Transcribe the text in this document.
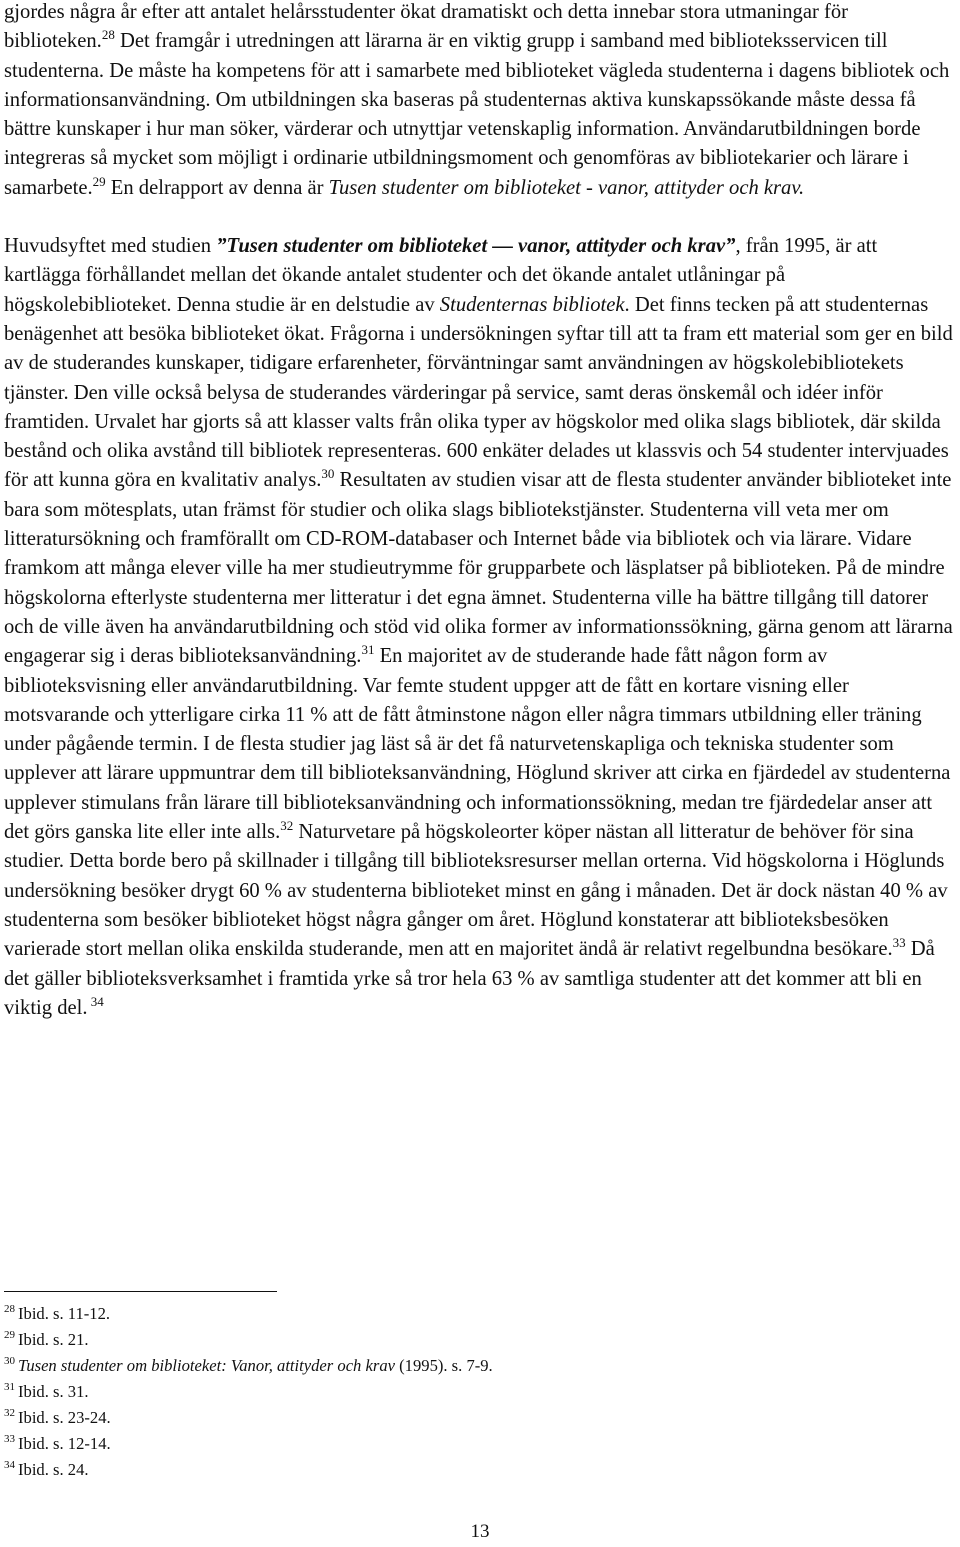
gjordes några år efter att antalet helårsstudenter ökat dramatiskt och detta innebar stora utmaningar för biblioteken.$^{28}$ Det framgår i utredningen att lärarna är en viktig grupp i samband med biblioteksservicen till studenterna. De måste ha kompetens för att i samarbete med biblioteket vägleda studenterna i dagens bibliotek och informationsanvändning. Om utbildningen ska baseras på studenternas aktiva kunskapssökande måste dessa få bättre kunskaper i hur man söker, värderar och utnyttjar vetenskaplig information. Användarutbildningen borde integreras så mycket som möjligt i ordinarie utbildningsmoment och genomföras av bibliotekarier och lärare i samarbete.$^{29}$ En delrapport av denna är Tusen studenter om biblioteket - vanor, attityder och krav.

Huvudsyftet med studien ”Tusen studenter om biblioteket — vanor, attityder och krav”, från 1995, är att kartlägga förhållandet mellan det ökande antalet studenter och det ökande antalet utlåningar på högskolebiblioteket. Denna studie är en delstudie av Studenternas bibliotek. Det finns tecken på att studenternas benägenhet att besöka biblioteket ökat. Frågorna i undersökningen syftar till att ta fram ett material som ger en bild av de studerandes kunskaper, tidigare erfarenheter, förväntningar samt användningen av högskolebibliotekets tjänster. Den ville också belysa de studerandes värderingar på service, samt deras önskemål och idéer inför framtiden. Urvalet har gjorts så att klasser valts från olika typer av högskolor med olika slags bibliotek, där skilda bestånd och olika avstånd till bibliotek representeras. 600 enkäter delades ut klassvis och 54 studenter intervjuades för att kunna göra en kvalitativ analys.$^{30}$ Resultaten av studien visar att de flesta studenter använder biblioteket inte bara som mötesplats, utan främst för studier och olika slags bibliotekstjänster. Studenterna vill veta mer om litteratursökning och framförallt om CD-ROM-databaser och Internet både via bibliotek och via lärare. Vidare framkom att många elever ville ha mer studieutrymme för grupparbete och läsplatser på biblioteken. På de mindre högskolorna efterlyste studenterna mer litteratur i det egna ämnet. Studenterna ville ha bättre tillgång till datorer och de ville även ha användarutbildning och stöd vid olika former av informationssökning, gärna genom att lärarna engagerar sig i deras biblioteksanvändning.$^{31}$ En majoritet av de studerande hade fått någon form av biblioteksvisning eller användarutbildning. Var femte student uppger att de fått en kortare visning eller motsvarande och ytterligare cirka 11 % att de fått åtminstone någon eller några timmars utbildning eller träning under pågående termin. I de flesta studier jag läst så är det få naturvetenskapliga och tekniska studenter som upplever att lärare uppmuntrar dem till biblioteksanvändning, Höglund skriver att cirka en fjärdedel av studenterna upplever stimulans från lärare till biblioteksanvändning och informationssökning, medan tre fjärdedelar anser att det görs ganska lite eller inte alls.$^{32}$ Naturvetare på högskoleorter köper nästan all litteratur de behöver för sina studier. Detta borde bero på skillnader i tillgång till biblioteksresurser mellan orterna. Vid högskolorna i Höglunds undersökning besöker drygt 60 % av studenterna biblioteket minst en gång i månaden. Det är dock nästan 40 % av studenterna som besöker biblioteket högst några gånger om året. Höglund konstaterar att biblioteksbesöken varierade stort mellan olika enskilda studerande, men att en majoritet ändå är relativt regelbundna besökare.$^{33}$ Då det gäller biblioteksverksamhet i framtida yrke så tror hela 63 % av samtliga studenter att det kommer att bli en viktig del. $^{34}$

$^{28}$ Ibid. s. 11-12.
$^{29}$ Ibid. s. 21.
$^{30}$ Tusen studenter om biblioteket: Vanor, attityder och krav (1995). s. 7-9.
$^{31}$ Ibid. s. 31.
$^{32}$ Ibid. s. 23-24.
$^{33}$ Ibid. s. 12-14.
$^{34}$ Ibid. s. 24.
13
